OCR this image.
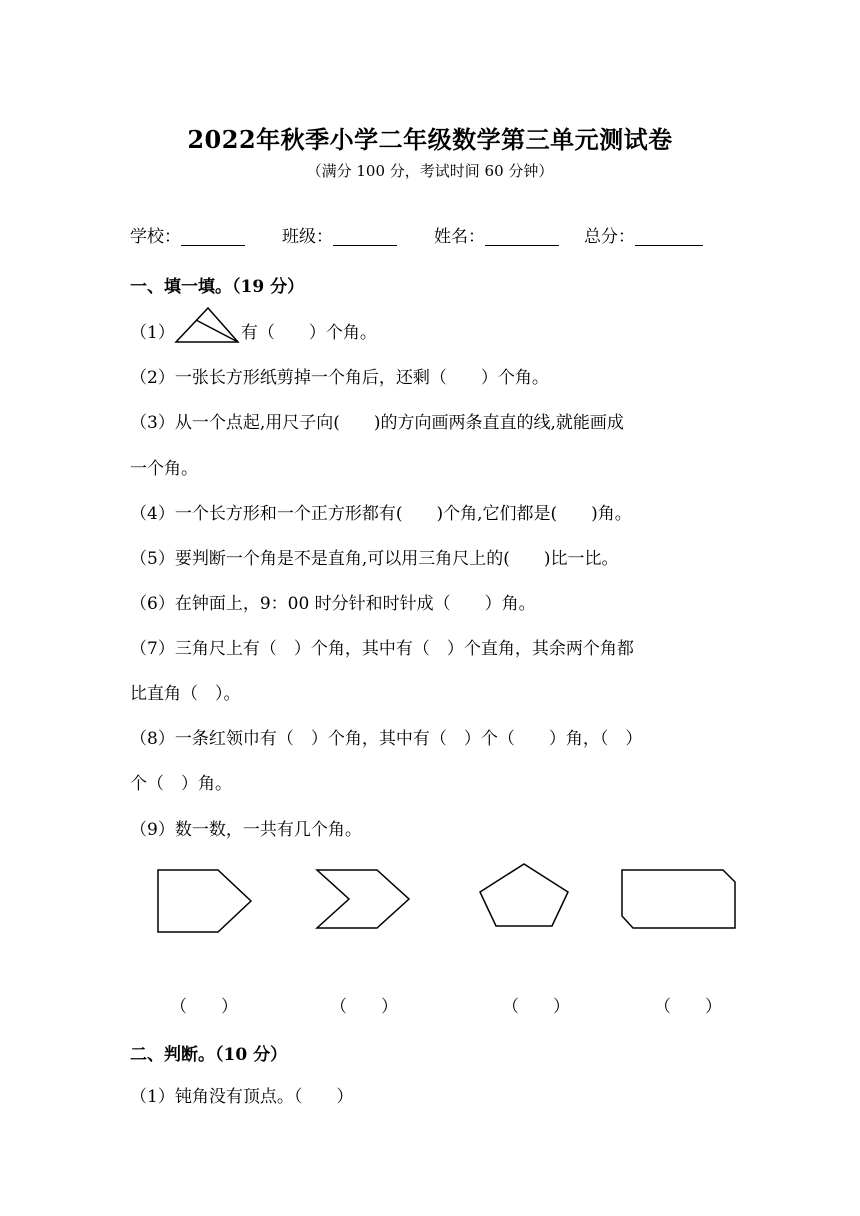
2022年秋季小学二年级数学第三单元测试卷
（满分 100 分，考试时间 60 分钟）
学校：	班级：	姓名：	总分：
一、填一填。（19 分）
（1）	有（　　）个角。
（2）一张长方形纸剪掉一个角后，还剩（　　）个角。
（3）从一个点起,用尺子向(　　)的方向画两条直直的线,就能画成
一个角。
（4）一个长方形和一个正方形都有(　　)个角,它们都是(　　)角。
（5）要判断一个角是不是直角,可以用三角尺上的(　　)比一比。
（6）在钟面上，9：00 时分针和时针成（　　）角。
（7）三角尺上有（　）个角，其中有（　）个直角，其余两个角都
比直角（　）。
（8）一条红领巾有（　）个角，其中有（　）个（　　）角，（　）
个（　）角。
（9）数一数，一共有几个角。
（　　）	（　　）	（　　）	（　　）
二、判断。（10 分）
（1）钝角没有顶点。（　　）
